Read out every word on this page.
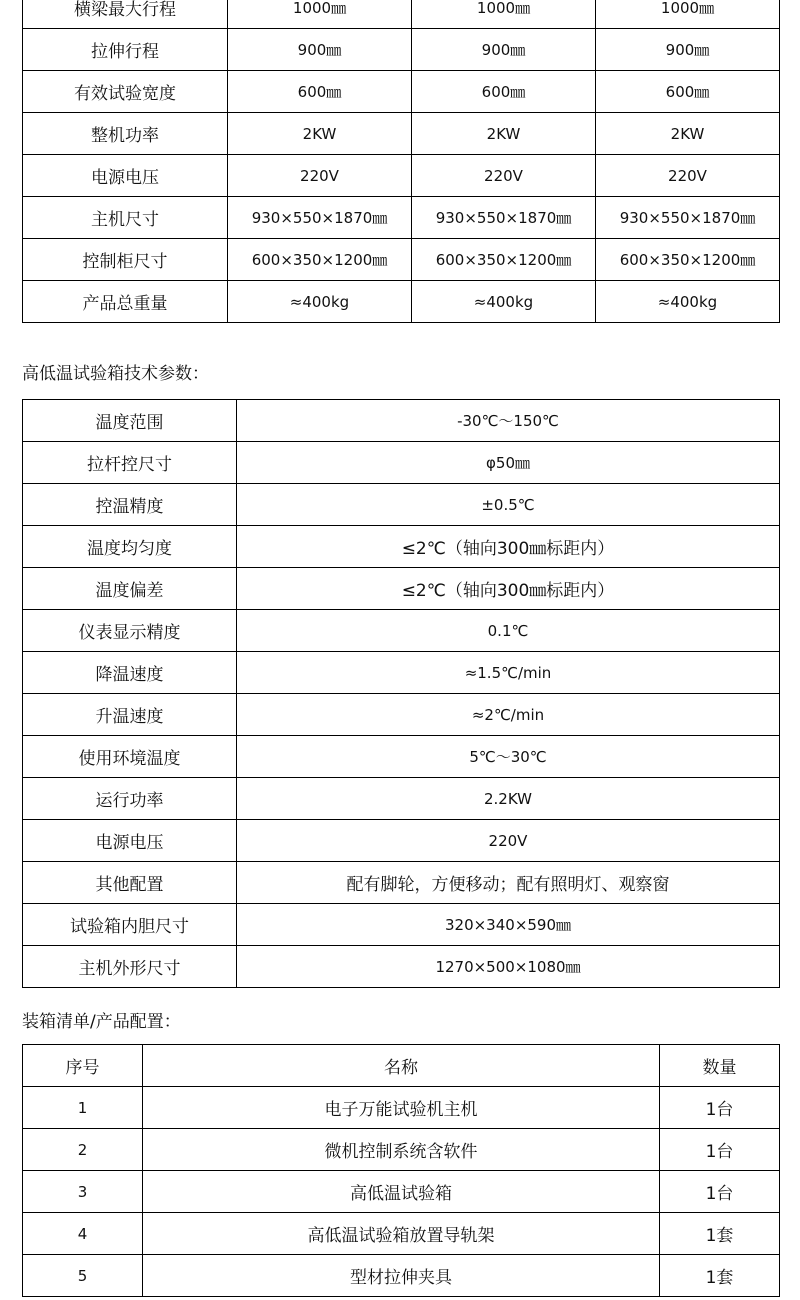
横梁最大行程	1000㎜	1000㎜	1000㎜
拉伸行程	900㎜	900㎜	900㎜
有效试验宽度	600㎜	600㎜	600㎜
整机功率	2KW	2KW	2KW
电源电压	220V	220V	220V
主机尺寸	930×550×1870㎜	930×550×1870㎜	930×550×1870㎜
控制柜尺寸	600×350×1200㎜	600×350×1200㎜	600×350×1200㎜
产品总重量	≈400kg	≈400kg	≈400kg
高低温试验箱技术参数：
温度范围	-30℃～150℃
拉杆控尺寸	φ50㎜
控温精度	±0.5℃
温度均匀度	≤2℃（轴向300㎜标距内）
温度偏差	≤2℃（轴向300㎜标距内）
仪表显示精度	0.1℃
降温速度	≈1.5℃/min
升温速度	≈2℃/min
使用环境温度	5℃～30℃
运行功率	2.2KW
电源电压	220V
其他配置	配有脚轮，方便移动；配有照明灯、观察窗
试验箱内胆尺寸	320×340×590㎜
主机外形尺寸	1270×500×1080㎜
装箱清单/产品配置：
序号	名称	数量
1	电子万能试验机主机	1台
2	微机控制系统含软件	1台
3	高低温试验箱	1台
4	高低温试验箱放置导轨架	1套
5	型材拉伸夹具	1套
